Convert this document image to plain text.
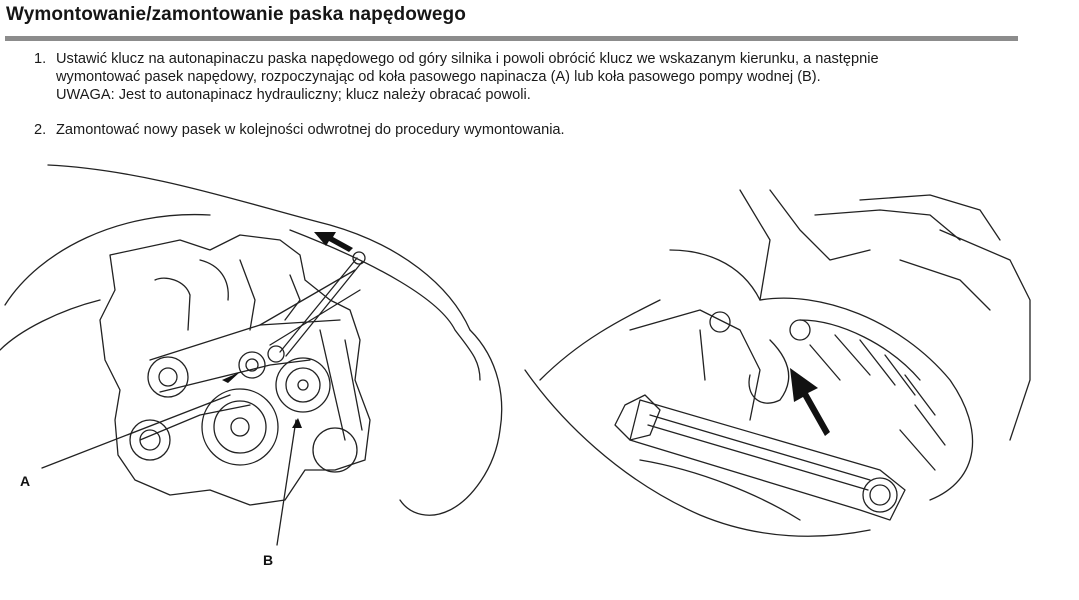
Wymontowanie/zamontowanie paska napędowego
1. Ustawić klucz na autonapinaczu paska napędowego od góry silnika i powoli obrócić klucz we wskazanym kierunku, a następnie

wymontować pasek napędowy, rozpoczynając od koła pasowego napinacza (A) lub koła pasowego pompy wodnej (B).

UWAGA: Jest to autonapinacz hydrauliczny; klucz należy obracać powoli.

2. Zamontować nowy pasek w kolejności odwrotnej do procedury wymontowania.

A
B
